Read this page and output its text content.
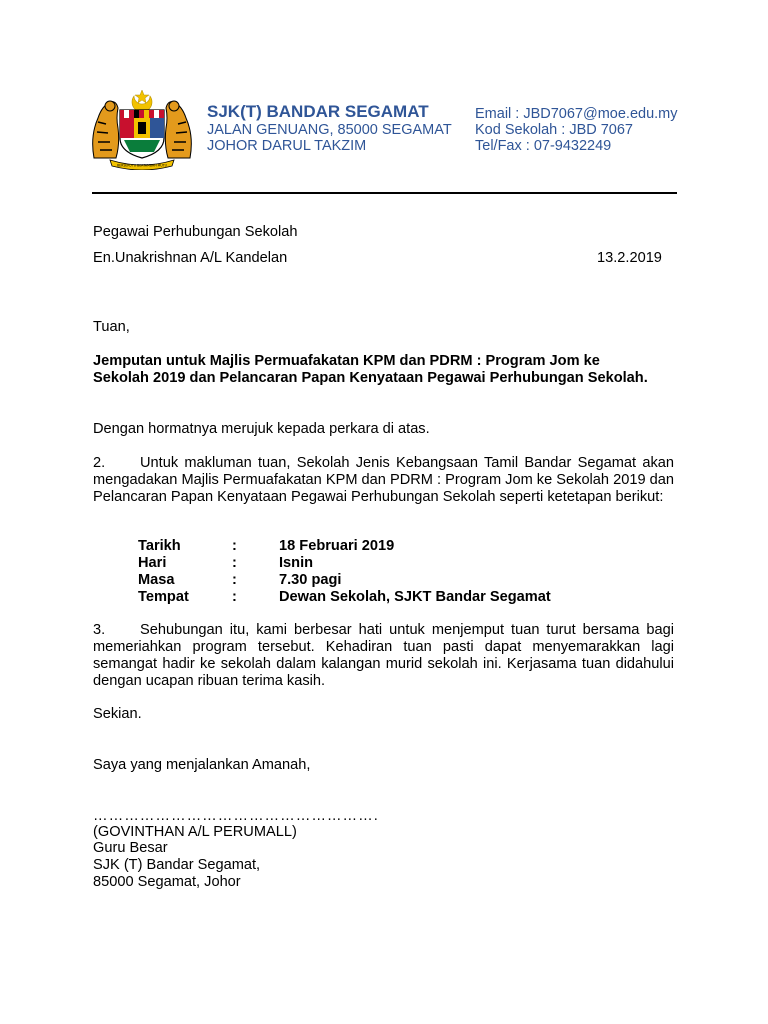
BERSEKUTU BERTAMBAH MUTU
SJK(T) BANDAR SEGAMAT
JALAN GENUANG, 85000 SEGAMAT
JOHOR DARUL TAKZIM
Email : JBD7067@moe.edu.my
Kod Sekolah : JBD 7067
Tel/Fax : 07-9432249
Pegawai Perhubungan Sekolah
En.Unakrishnan A/L Kandelan	13.2.2019
Tuan,
Jemputan untuk Majlis Permuafakatan KPM dan PDRM : Program Jom ke Sekolah 2019 dan Pelancaran Papan Kenyataan Pegawai Perhubungan Sekolah.
Dengan hormatnya merujuk kepada perkara di atas.
2. Untuk makluman tuan, Sekolah Jenis Kebangsaan Tamil Bandar Segamat akan mengadakan Majlis Permuafakatan KPM dan PDRM : Program Jom ke Sekolah 2019 dan Pelancaran Papan Kenyataan Pegawai Perhubungan Sekolah seperti ketetapan berikut:
Tarikh	:	18 Februari 2019
Hari	:	Isnin
Masa	:	7.30 pagi
Tempat	:	Dewan Sekolah, SJKT Bandar Segamat
3. Sehubungan itu, kami berbesar hati untuk menjemput tuan turut bersama bagi memeriahkan program tersebut. Kehadiran tuan pasti dapat menyemarakkan lagi semangat hadir ke sekolah dalam kalangan murid sekolah ini. Kerjasama tuan didahului dengan ucapan ribuan terima kasih.
Sekian.
Saya yang menjalankan Amanah,
……………………………………………….
(GOVINTHAN A/L PERUMALL)
Guru Besar
SJK (T) Bandar Segamat,
85000 Segamat, Johor
